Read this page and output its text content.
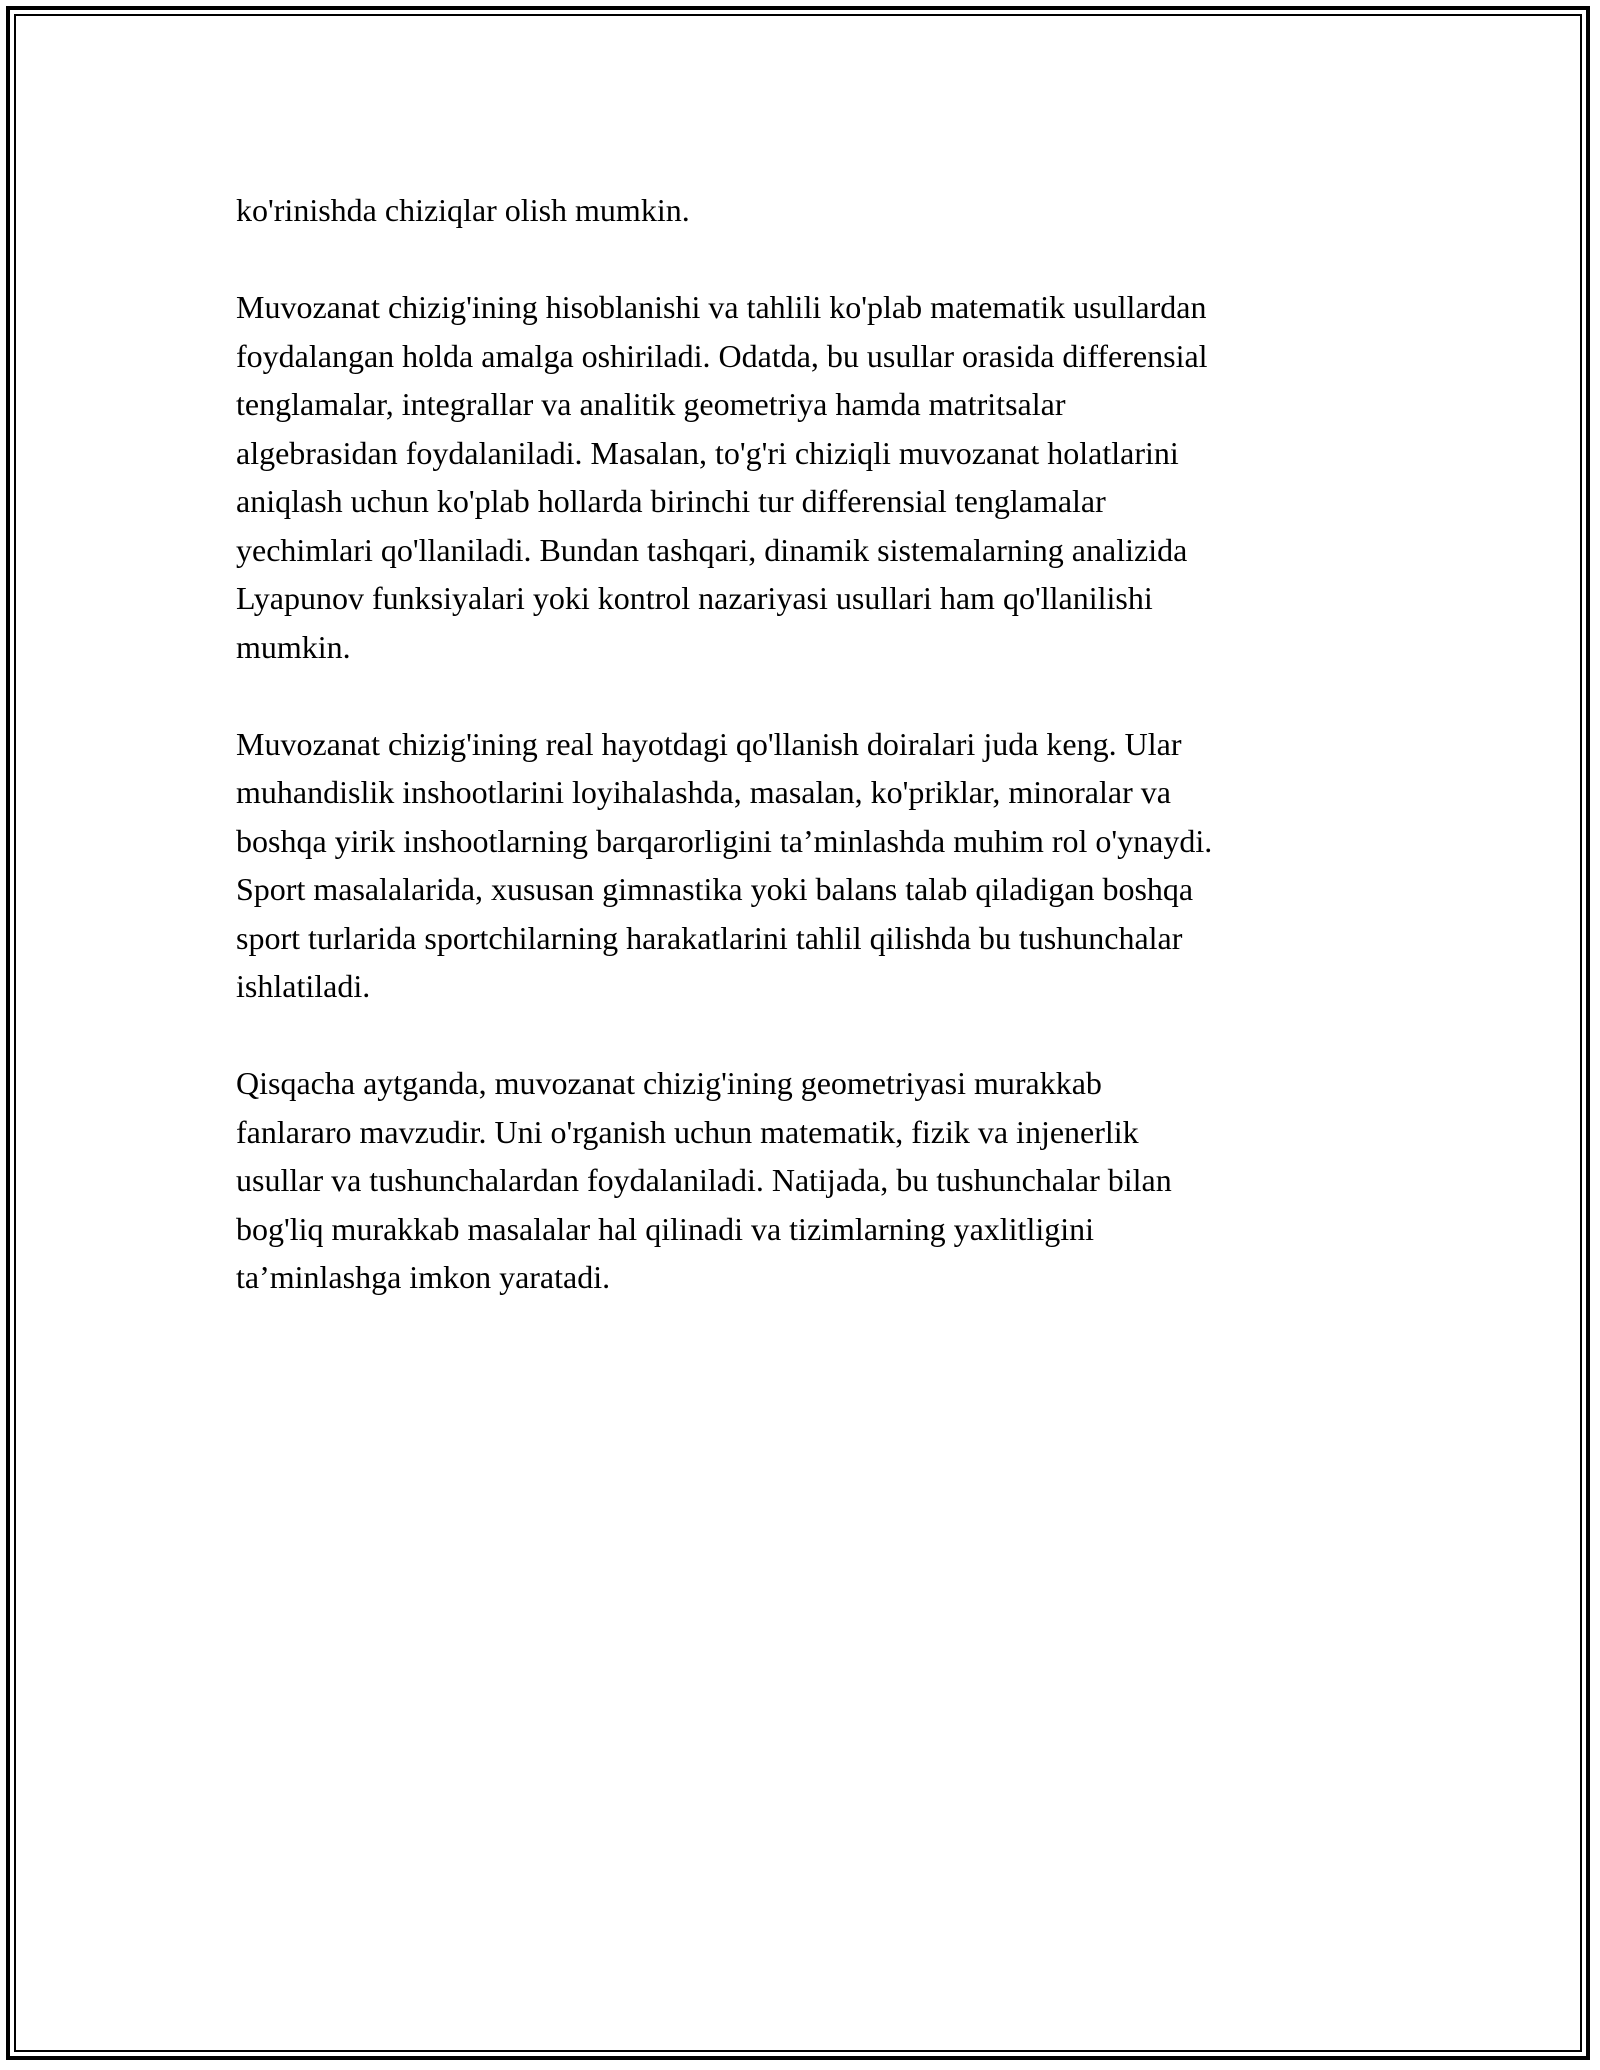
ko'rinishda chiziqlar olish mumkin.

Muvozanat chizig'ining hisoblanishi va tahlili ko'plab matematik usullardan
foydalangan holda amalga oshiriladi. Odatda, bu usullar orasida differensial
tenglamalar, integrallar va analitik geometriya hamda matritsalar
algebrasidan foydalaniladi. Masalan, to'g'ri chiziqli muvozanat holatlarini
aniqlash uchun ko'plab hollarda birinchi tur differensial tenglamalar
yechimlari qo'llaniladi. Bundan tashqari, dinamik sistemalarning analizida
Lyapunov funksiyalari yoki kontrol nazariyasi usullari ham qo'llanilishi
mumkin.

Muvozanat chizig'ining real hayotdagi qo'llanish doiralari juda keng. Ular
muhandislik inshootlarini loyihalashda, masalan, ko'priklar, minoralar va
boshqa yirik inshootlarning barqarorligini ta’minlashda muhim rol o'ynaydi.
Sport masalalarida, xususan gimnastika yoki balans talab qiladigan boshqa
sport turlarida sportchilarning harakatlarini tahlil qilishda bu tushunchalar
ishlatiladi.

Qisqacha aytganda, muvozanat chizig'ining geometriyasi murakkab
fanlararo mavzudir. Uni o'rganish uchun matematik, fizik va injenerlik
usullar va tushunchalardan foydalaniladi. Natijada, bu tushunchalar bilan
bog'liq murakkab masalalar hal qilinadi va tizimlarning yaxlitligini
ta’minlashga imkon yaratadi.
